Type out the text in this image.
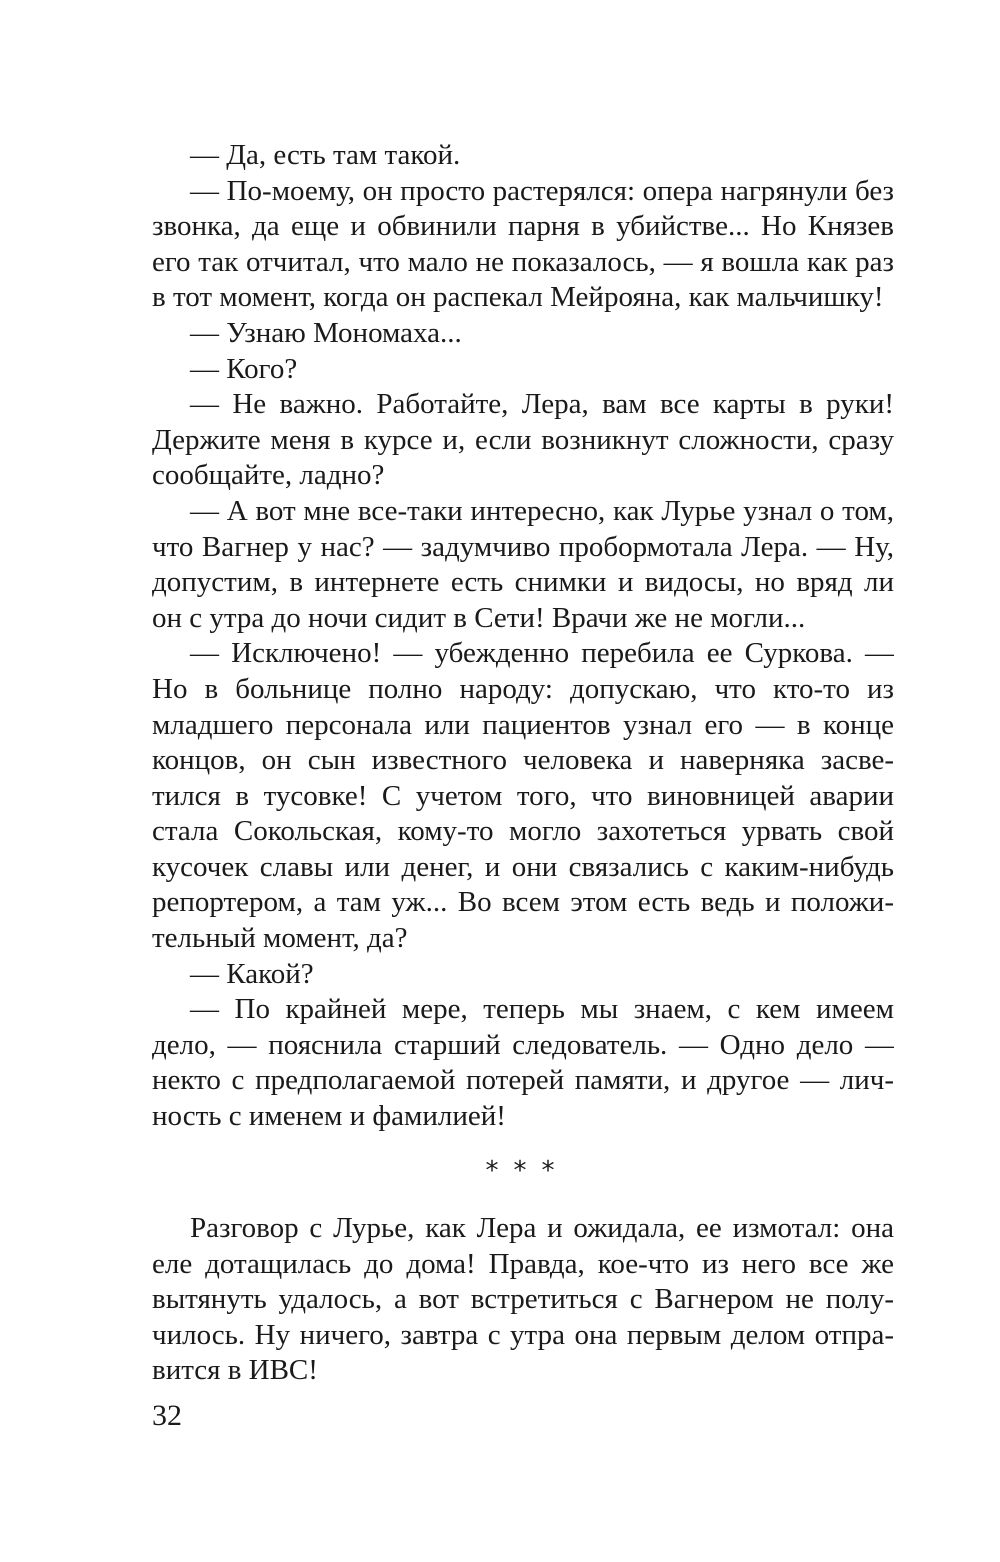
— Да, есть там такой.
— По-моему, он просто растерялся: опера нагрянули без
звонка, да еще и обвинили парня в убийстве... Но Князев
его так отчитал, что мало не показалось, — я вошла как раз
в тот момент, когда он распекал Мейрояна, как мальчишку!
— Узнаю Мономаха...
— Кого?
— Не важно. Работайте, Лера, вам все карты в руки!
Держите меня в курсе и, если возникнут сложности, сразу
сообщайте, ладно?
— А вот мне все-таки интересно, как Лурье узнал о том,
что Вагнер у нас? — задумчиво пробормотала Лера. — Ну,
допустим, в интернете есть снимки и видосы, но вряд ли
он с утра до ночи сидит в Сети! Врачи же не могли...
— Исключено! — убежденно перебила ее Суркова. —
Но в больнице полно народу: допускаю, что кто-то из
младшего персонала или пациентов узнал его — в конце
концов, он сын известного человека и наверняка засве-
тился в тусовке! С учетом того, что виновницей аварии
стала Сокольская, кому-то могло захотеться урвать свой
кусочек славы или денег, и они связались с каким-нибудь
репортером, а там уж... Во всем этом есть ведь и положи-
тельный момент, да?
— Какой?
— По крайней мере, теперь мы знаем, с кем имеем
дело, — пояснила старший следователь. — Одно дело —
некто с предполагаемой потерей памяти, и другое — лич-
ность с именем и фамилией!
* * *
Разговор с Лурье, как Лера и ожидала, ее измотал: она
еле дотащилась до дома! Правда, кое-что из него все же
вытянуть удалось, а вот встретиться с Вагнером не полу-
чилось. Ну ничего, завтра с утра она первым делом отпра-
вится в ИВС!
32
